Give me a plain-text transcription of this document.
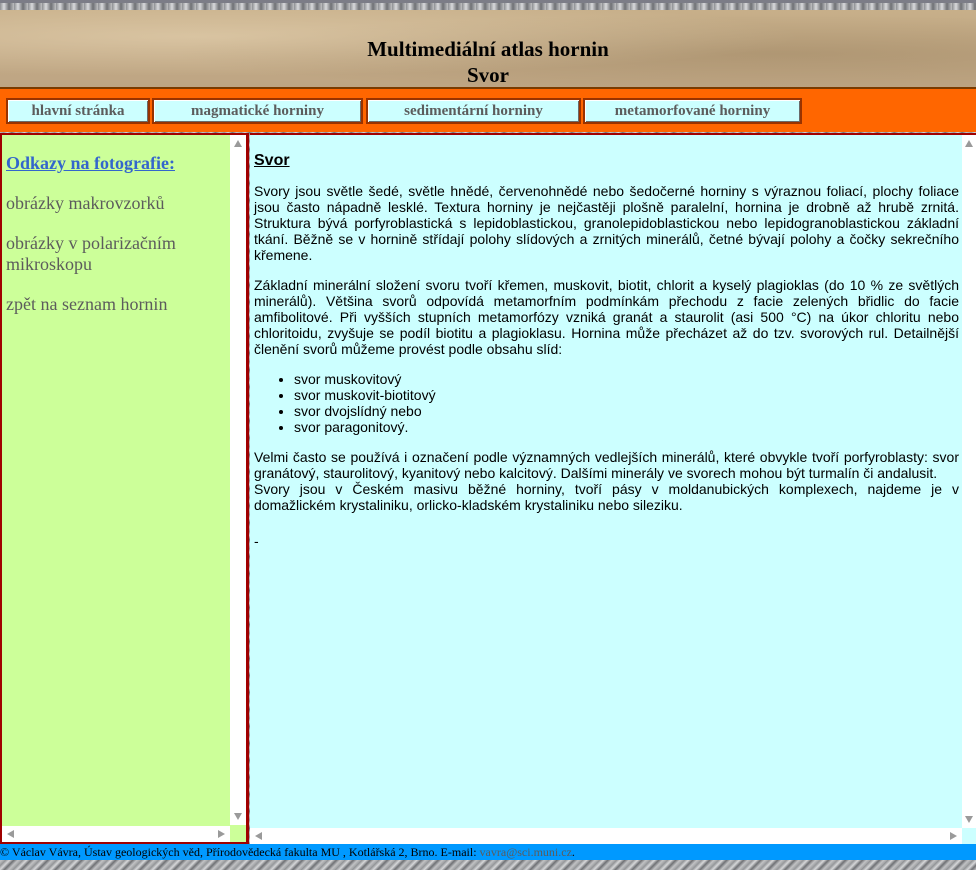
Multimediální atlas hornin
Svor
hlavní stránka	magmatické horniny	sedimentární horniny	metamorfované horniny
Odkazy na fotografie:
obrázky makrovzorků
obrázky v polarizačním mikroskopu
zpět na seznam hornin
Svor

Svory jsou světle šedé, světle hnědé, červenohnědé nebo šedočerné horniny s výraznou foliací, plochy foliace jsou často nápadně lesklé. Textura horniny je nejčastěji plošně paralelní, hornina je drobně až hrubě zrnitá. Struktura bývá porfyroblastická s lepidoblastickou, granolepidoblastickou nebo lepidogranoblastickou základní tkání. Běžně se v hornině střídají polohy slídových a zrnitých minerálů, četné bývají polohy a čočky sekrečního křemene.

Základní minerální složení svoru tvoří křemen, muskovit, biotit, chlorit a kyselý plagioklas (do 10 % ze světlých minerálů). Většina svorů odpovídá metamorfním podmínkám přechodu z facie zelených břidlic do facie amfibolitové. Při vyšších stupních metamorfózy vzniká granát a staurolit (asi 500 °C) na úkor chloritu nebo chloritoidu, zvyšuje se podíl biotitu a plagioklasu. Hornina může přecházet až do tzv. svorových rul. Detailnější členění svorů můžeme provést podle obsahu slíd:

• svor muskovitový
• svor muskovit-biotitový
• svor dvojslídný nebo
• svor paragonitový.

Velmi často se používá i označení podle významných vedlejších minerálů, které obvykle tvoří porfyroblasty: svor granátový, staurolitový, kyanitový nebo kalcitový. Dalšími minerály ve svorech mohou být turmalín či andalusit.

Svory jsou v Českém masivu běžné horniny, tvoří pásy v moldanubických komplexech, najdeme je v domažlickém krystaliniku, orlicko-kladském krystaliniku nebo sileziku.

-

© Václav Vávra, Ústav geologických věd, Přírodovědecká fakulta MU , Kotlářská 2, Brno. E-mail: vavra@sci.muni.cz.
